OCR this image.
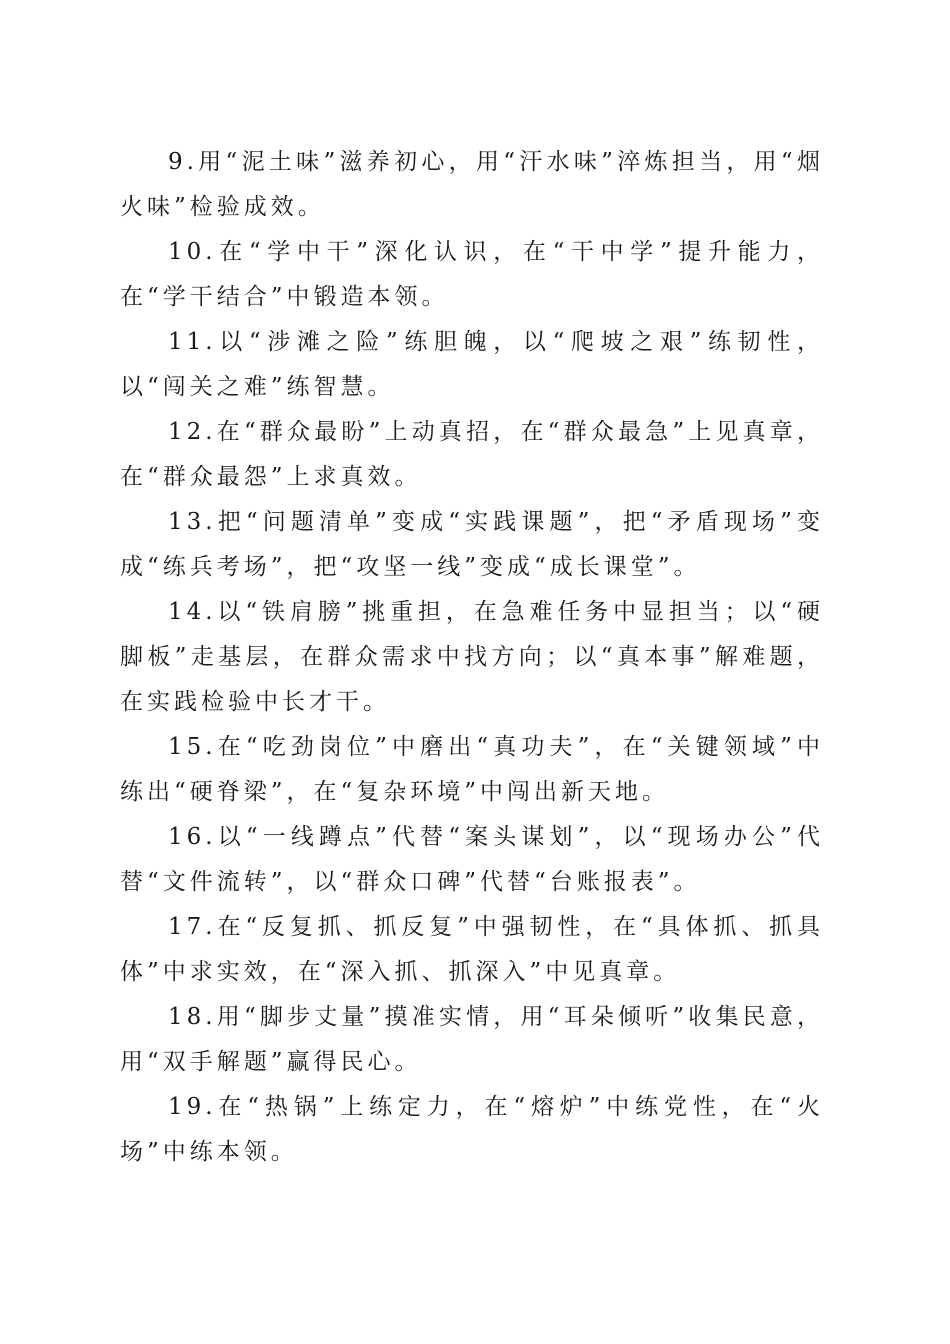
9.用“泥土味”滋养初心，用“汗水味”淬炼担当，用“烟火味”检验成效。

10.在“学中干”深化认识，在“干中学”提升能力，在“学干结合”中锻造本领。

11.以“涉滩之险”练胆魄，以“爬坡之艰”练韧性，以“闯关之难”练智慧。

12.在“群众最盼”上动真招，在“群众最急”上见真章，在“群众最怨”上求真效。

13.把“问题清单”变成“实践课题”，把“矛盾现场”变成“练兵考场”，把“攻坚一线”变成“成长课堂”。

14.以“铁肩膀”挑重担，在急难任务中显担当；以“硬脚板”走基层，在群众需求中找方向；以“真本事”解难题，在实践检验中长才干。

15.在“吃劲岗位”中磨出“真功夫”，在“关键领域”中练出“硬脊梁”，在“复杂环境”中闯出新天地。

16.以“一线蹲点”代替“案头谋划”，以“现场办公”代替“文件流转”，以“群众口碑”代替“台账报表”。

17.在“反复抓、抓反复”中强韧性，在“具体抓、抓具体”中求实效，在“深入抓、抓深入”中见真章。

18.用“脚步丈量”摸准实情，用“耳朵倾听”收集民意，用“双手解题”赢得民心。

19.在“热锅”上练定力，在“熔炉”中练党性，在“火场”中练本领。
